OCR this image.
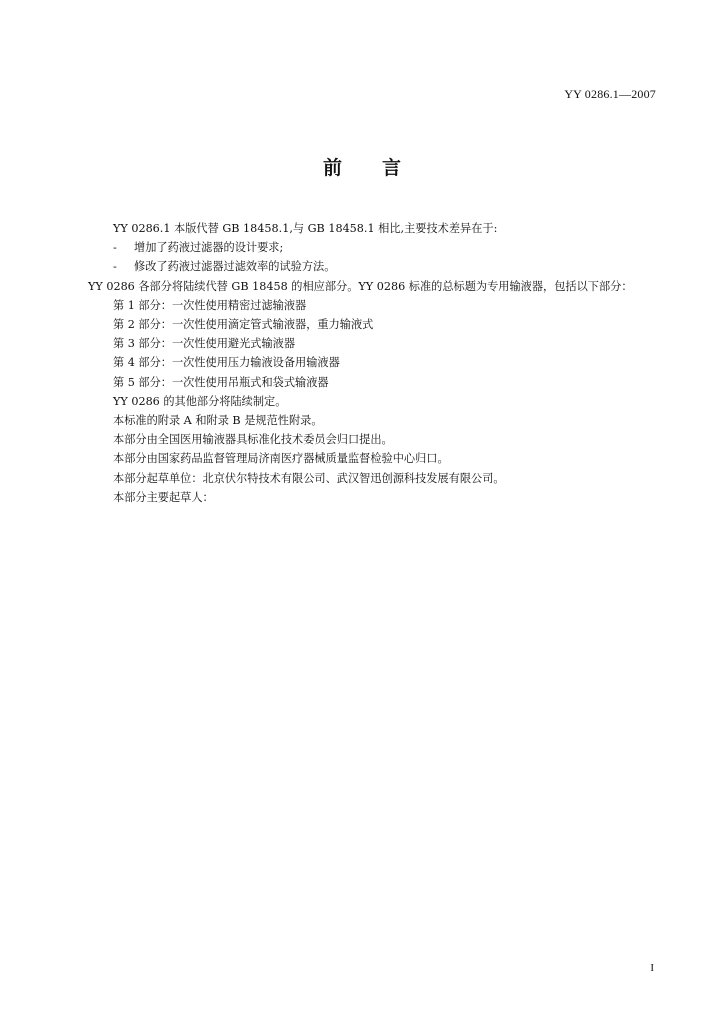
YY 0286.1—2007
前言
YY 0286.1 本版代替 GB 18458.1,与 GB 18458.1 相比,主要技术差异在于:
- 增加了药液过滤器的设计要求;
- 修改了药液过滤器过滤效率的试验方法。
YY 0286 各部分将陆续代替 GB 18458 的相应部分。YY 0286 标准的总标题为专用输液器，包括以下部分：
第 1 部分：一次性使用精密过滤输液器
第 2 部分：一次性使用滴定管式输液器，重力输液式
第 3 部分：一次性使用避光式输液器
第 4 部分：一次性使用压力输液设备用输液器
第 5 部分：一次性使用吊瓶式和袋式输液器
YY 0286 的其他部分将陆续制定。
本标准的附录 A 和附录 B 是规范性附录。
本部分由全国医用输液器具标准化技术委员会归口提出。
本部分由国家药品监督管理局济南医疗器械质量监督检验中心归口。
本部分起草单位：北京伏尔特技术有限公司、武汉智迅创源科技发展有限公司。
本部分主要起草人：
I
